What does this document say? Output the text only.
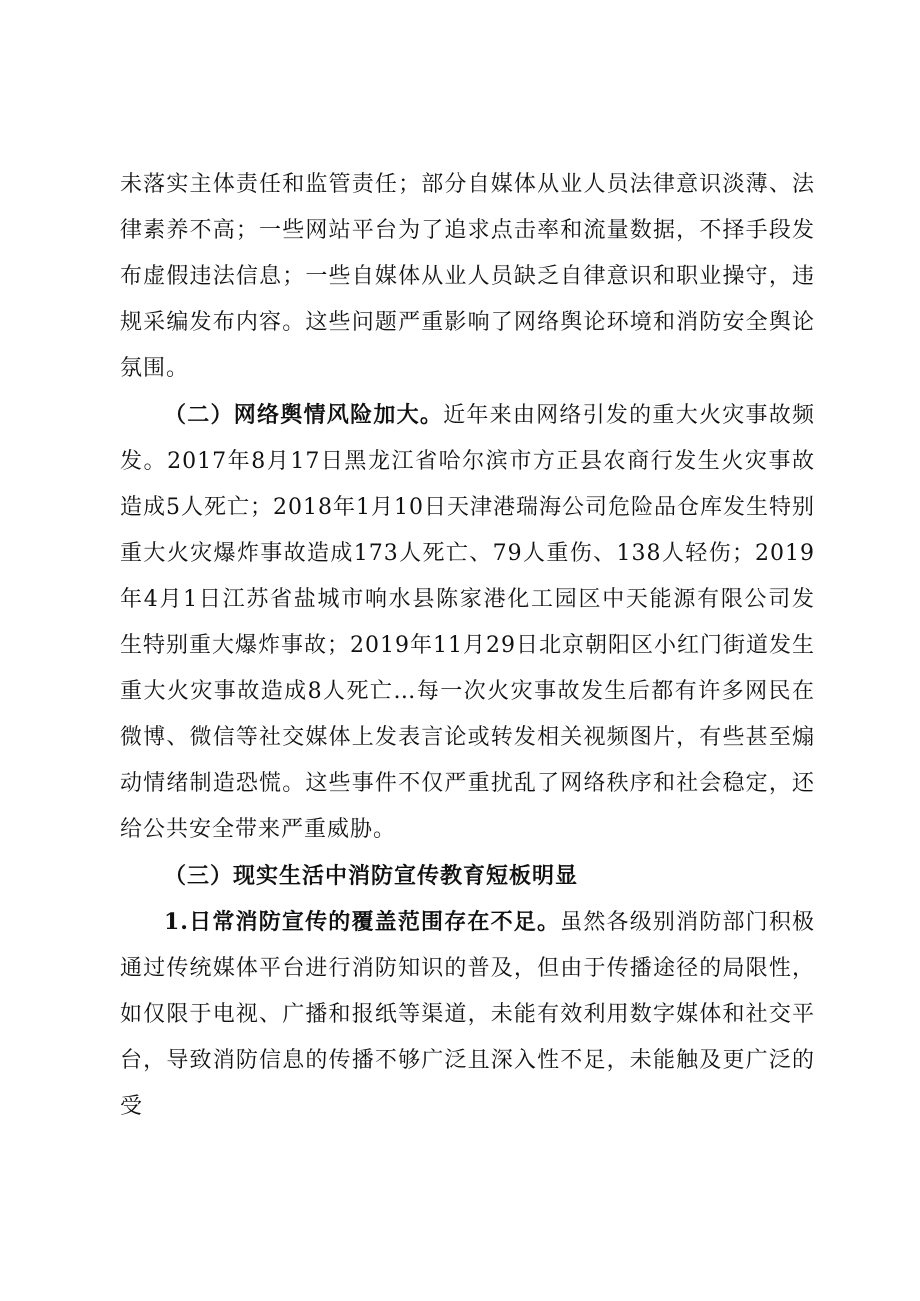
未落实主体责任和监管责任；部分自媒体从业人员法律意识淡薄、法律素养不高；一些网站平台为了追求点击率和流量数据，不择手段发布虚假违法信息；一些自媒体从业人员缺乏自律意识和职业操守，违规采编发布内容。这些问题严重影响了网络舆论环境和消防安全舆论氛围。

（二）网络舆情风险加大。近年来由网络引发的重大火灾事故频发。2017年8月17日黑龙江省哈尔滨市方正县农商行发生火灾事故造成5人死亡；2018年1月10日天津港瑞海公司危险品仓库发生特别重大火灾爆炸事故造成173人死亡、79人重伤、138人轻伤；2019年4月1日江苏省盐城市响水县陈家港化工园区中天能源有限公司发生特别重大爆炸事故；2019年11月29日北京朝阳区小红门街道发生重大火灾事故造成8人死亡…每一次火灾事故发生后都有许多网民在微博、微信等社交媒体上发表言论或转发相关视频图片，有些甚至煽动情绪制造恐慌。这些事件不仅严重扰乱了网络秩序和社会稳定，还给公共安全带来严重威胁。

（三）现实生活中消防宣传教育短板明显

1.日常消防宣传的覆盖范围存在不足。虽然各级别消防部门积极通过传统媒体平台进行消防知识的普及，但由于传播途径的局限性，如仅限于电视、广播和报纸等渠道，未能有效利用数字媒体和社交平台，导致消防信息的传播不够广泛且深入性不足，未能触及更广泛的受
